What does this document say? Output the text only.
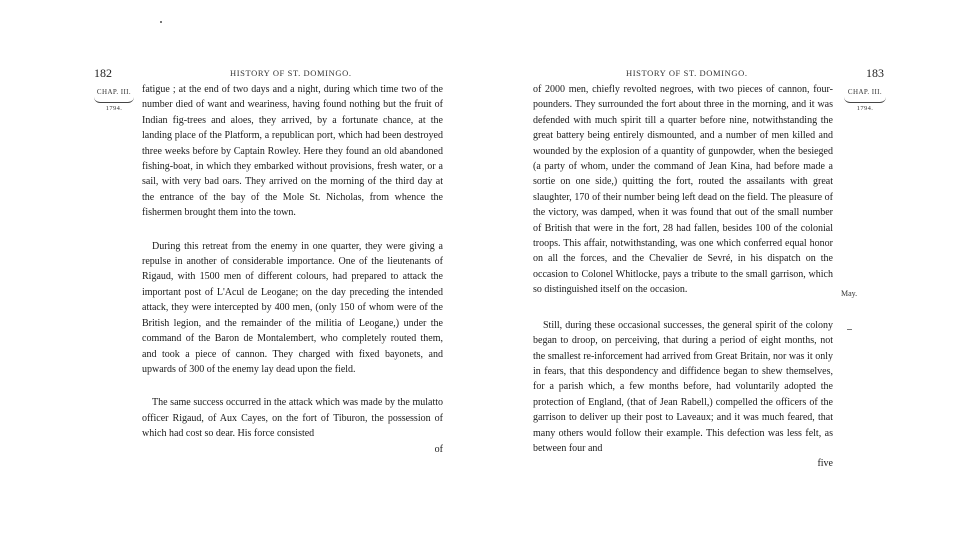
182	HISTORY OF ST. DOMINGO.
CHAP. III.
1794.

fatigue ; at the end of two days and a night, during which time two of the number died of want and weariness, having found nothing but the fruit of Indian fig-trees and aloes, they arrived, by a fortunate chance, at the landing place of the Platform, a republican port, which had been destroyed three weeks before by Captain Rowley. Here they found an old abandoned fishing-boat, in which they embarked without provisions, fresh water, or a sail, with very bad oars. They arrived on the morning of the third day at the entrance of the bay of the Mole St. Nicholas, from whence the fishermen brought them into the town.

During this retreat from the enemy in one quarter, they were giving a repulse in another of considerable importance. One of the lieutenants of Rigaud, with 1500 men of different colours, had prepared to attack the important post of L'Acul de Leogane; on the day preceding the intended attack, they were intercepted by 400 men, (only 150 of whom were of the British legion, and the remainder of the militia of Leogane,) under the command of the Baron de Montalembert, who completely routed them, and took a piece of cannon. They charged with fixed bayonets, and upwards of 300 of the enemy lay dead upon the field.

The same success occurred in the attack which was made by the mulatto officer Rigaud, of Aux Cayes, on the fort of Tiburon, the possession of which had cost so dear. His force consisted

of
HISTORY OF ST. DOMINGO.	183
CHAP. III.
1794.
May.

of 2000 men, chiefly revolted negroes, with two pieces of cannon, four-pounders. They surrounded the fort about three in the morning, and it was defended with much spirit till a quarter before nine, notwithstanding the great battery being entirely dismounted, and a number of men killed and wounded by the explosion of a quantity of gunpowder, when the besieged (a party of whom, under the command of Jean Kina, had before made a sortie on one side,) quitting the fort, routed the assailants with great slaughter, 170 of their number being left dead on the field. The pleasure of the victory, was damped, when it was found that out of the small number of British that were in the fort, 28 had fallen, besides 100 of the colonial troops. This affair, notwithstanding, was one which conferred equal honor on all the forces, and the Chevalier de Sevré, in his dispatch on the occasion to Colonel Whitlocke, pays a tribute to the small garrison, which so distinguished itself on the occasion.

Still, during these occasional successes, the general spirit of the colony began to droop, on perceiving, that during a period of eight months, not the smallest re-inforcement had arrived from Great Britain, nor was it only in fears, that this despondency and diffidence began to shew themselves, for a parish which, a few months before, had voluntarily adopted the protection of England, (that of Jean Rabell,) compelled the officers of the garrison to deliver up their post to Laveaux; and it was much feared, that many others would follow their example. This defection was less felt, as between four and

five
